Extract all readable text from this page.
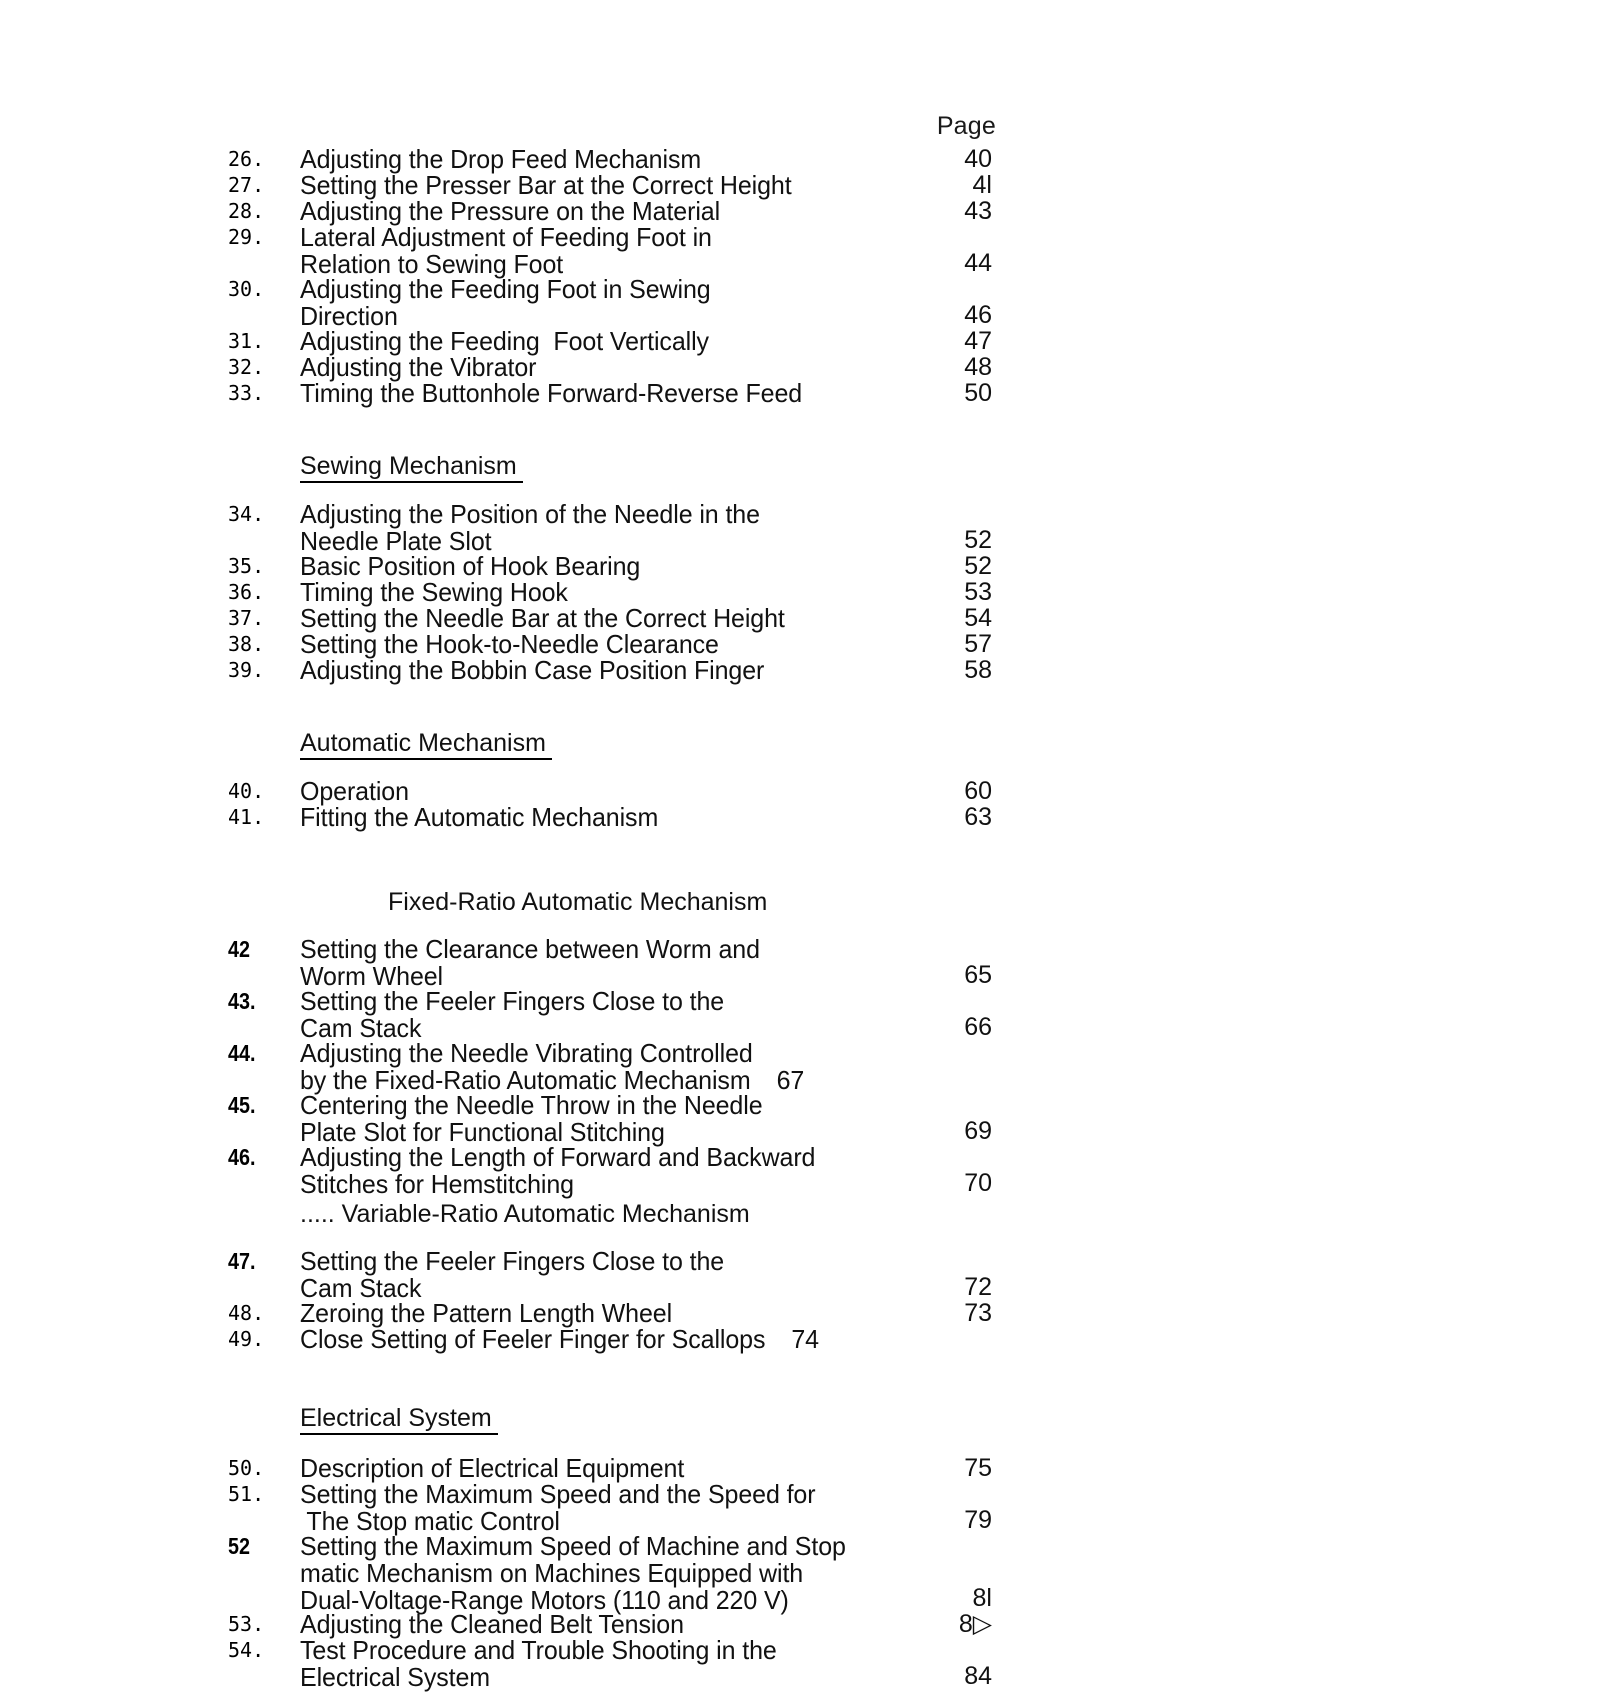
Page
26.	Adjusting the Drop Feed Mechanism	40
27.	Setting the Presser Bar at the Correct Height	4l
28.	Adjusting the Pressure on the Material	43
29.	Lateral Adjustment of Feeding Foot in
Relation to Sewing Foot	44
30.	Adjusting the Feeding Foot in Sewing
Direction	46
31.	Adjusting the Feeding  Foot Vertically	47
32.	Adjusting the Vibrator	48
33.	Timing the Buttonhole Forward-Reverse Feed	50
Sewing Mechanism
34.	Adjusting the Position of the Needle in the
Needle Plate Slot	52
35.	Basic Position of Hook Bearing	52
36.	Timing the Sewing Hook	53
37.	Setting the Needle Bar at the Correct Height	54
38.	Setting the Hook-to-Needle Clearance	57
39.	Adjusting the Bobbin Case Position Finger	58
Automatic Mechanism
40.	Operation	60
41.	Fitting the Automatic Mechanism	63
Fixed-Ratio Automatic Mechanism
42	Setting the Clearance between Worm and
Worm Wheel	65
43.	Setting the Feeler Fingers Close to the
Cam Stack	66
44.	Adjusting the Needle Vibrating Controlled
by the Fixed-Ratio Automatic Mechanism 67
45.	Centering the Needle Throw in the Needle
Plate Slot for Functional Stitching	69
46.	Adjusting the Length of Forward and Backward
Stitches for Hemstitching	70
..... Variable-Ratio Automatic Mechanism
47.	Setting the Feeler Fingers Close to the
Cam Stack	72
48.	Zeroing the Pattern Length Wheel	73
49.	Close Setting of Feeler Finger for Scallops 74
Electrical System
50.	Description of Electrical Equipment	75
51.	Setting the Maximum Speed and the Speed for
The Stop matic Control	79
52	Setting the Maximum Speed of Machine and Stop
matic Mechanism on Machines Equipped with
Dual-Voltage-Range Motors (110 and 220 V)	8l
53.	Adjusting the Cleaned Belt Tension	8▷
54.	Test Procedure and Trouble Shooting in the
Electrical System	84
